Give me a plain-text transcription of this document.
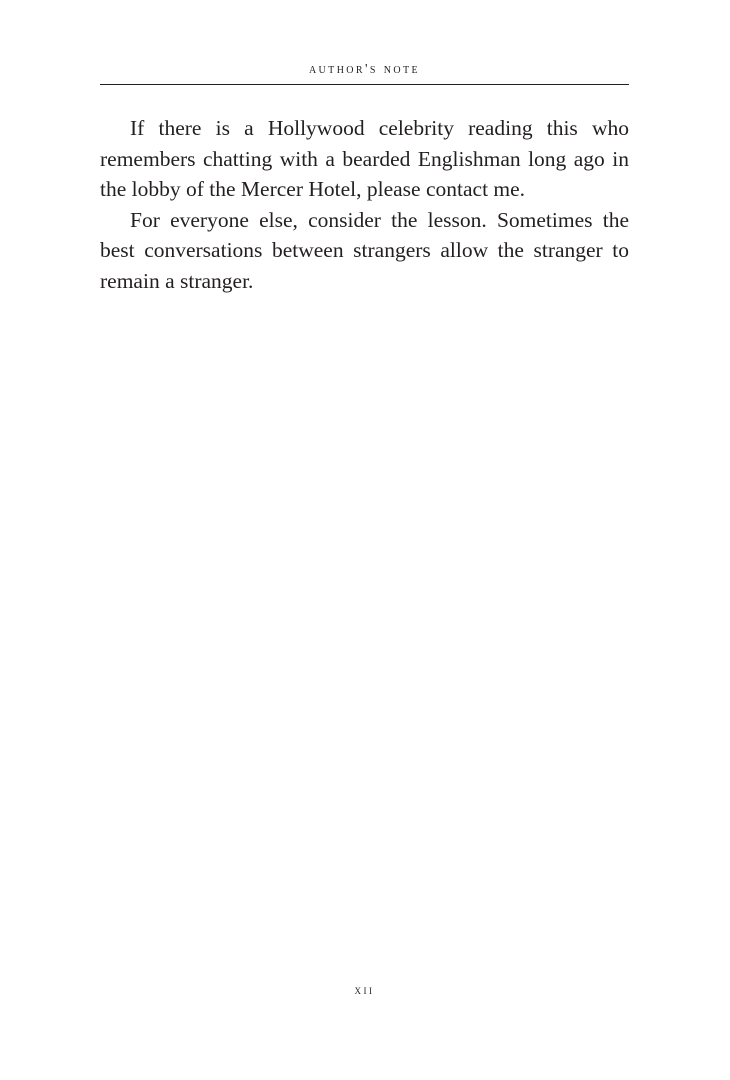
author's note

If there is a Hollywood celebrity reading this who remembers chatting with a bearded Englishman long ago in the lobby of the Mercer Hotel, please contact me.

For everyone else, consider the lesson. Sometimes the best conversations between strangers allow the stranger to remain a stranger.

xii
